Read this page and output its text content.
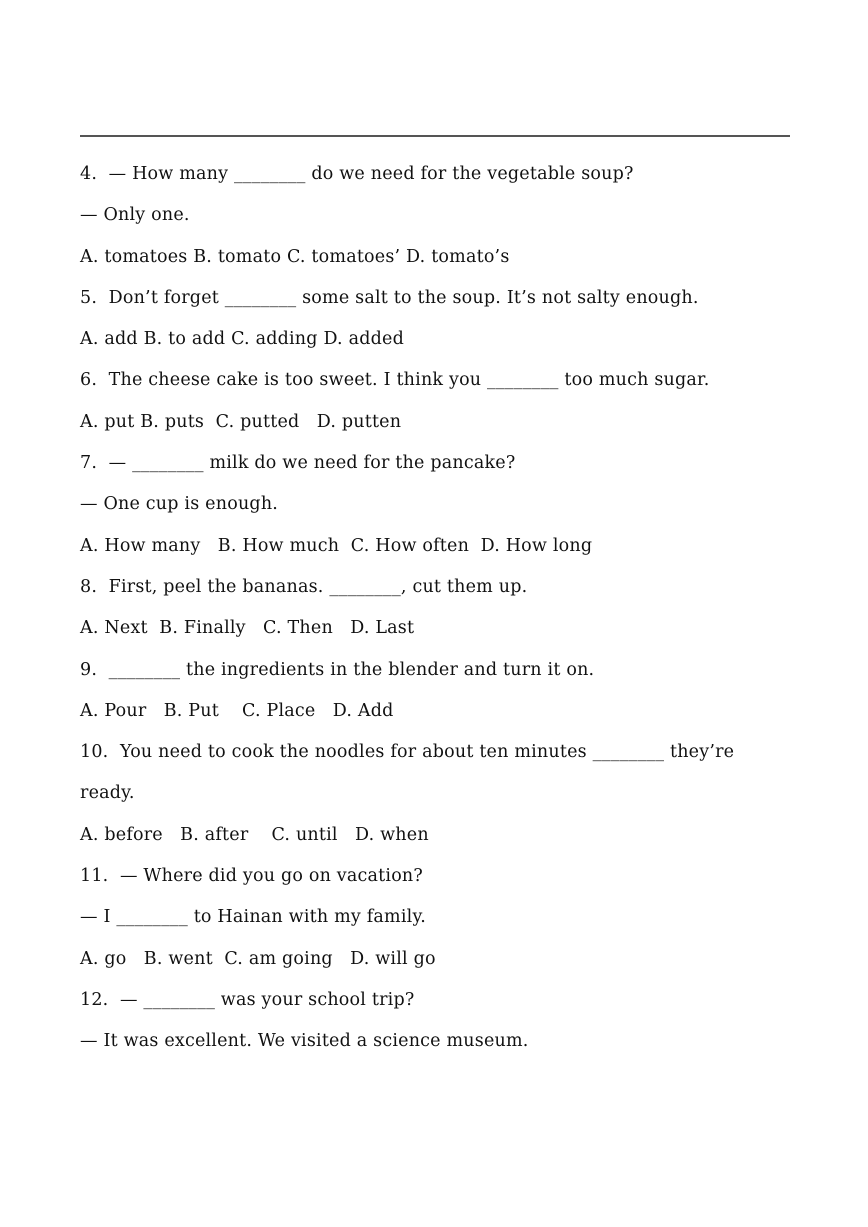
4.  — How many ________ do we need for the vegetable soup?
— Only one.
A. tomatoes B. tomato C. tomatoes’ D. tomato’s
5.  Don’t forget ________ some salt to the soup. It’s not salty enough.
A. add B. to add C. adding D. added
6.  The cheese cake is too sweet. I think you ________ too much sugar.
A. put B. puts  C. putted   D. putten
7.  — ________ milk do we need for the pancake?
— One cup is enough.
A. How many   B. How much  C. How often  D. How long
8.  First, peel the bananas. ________, cut them up.
A. Next  B. Finally   C. Then   D. Last
9.  ________ the ingredients in the blender and turn it on.
A. Pour   B. Put    C. Place   D. Add
10.  You need to cook the noodles for about ten minutes ________ they’re
ready.
A. before   B. after    C. until   D. when
11.  — Where did you go on vacation?
— I ________ to Hainan with my family.
A. go   B. went  C. am going   D. will go
12.  — ________ was your school trip?
— It was excellent. We visited a science museum.
